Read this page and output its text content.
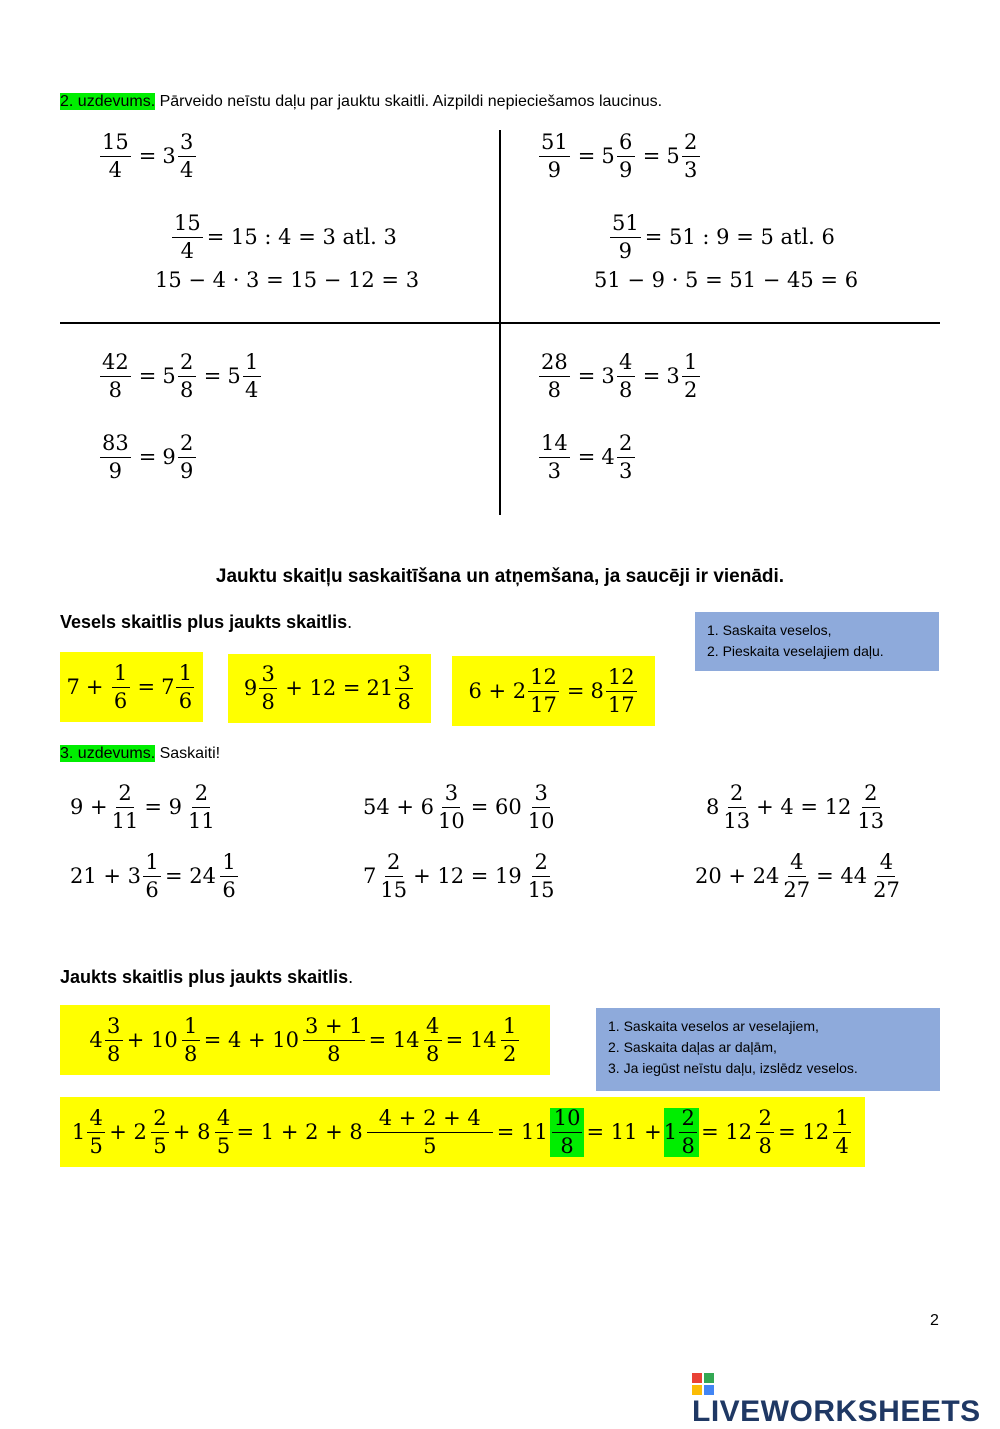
2. uzdevums. Pārveido neīstu daļu par jauktu skaitli. Aizpildi nepieciešamos laucinus.
$\frac{15}{4} = 3 \frac{3}{4}$
$\frac{15}{4} = 15$ : 4 = 3 atl. 3
15 − 4 · 3 = 15 − 12 = 3
$\frac{51}{9} = 5 \frac{6}{9} = 5 \frac{2}{3}$
$\frac{51}{9} = 51$ : 9 = 5 atl. 6
51 − 9 · 5 = 51 − 45 = 6
$\frac{42}{8} = 5 \frac{2}{8} = 5 \frac{1}{4}$
$\frac{83}{9} = 9 \frac{2}{9}$
$\frac{28}{8} = 3 \frac{4}{8} = 3 \frac{1}{2}$
$\frac{14}{3} = 4 \frac{2}{3}$
Jauktu skaitļu saskaitīšana un atņemšana, ja saucēji ir vienādi.
Vesels skaitlis plus jaukts skaitlis.	1. Saskaita veselos,
2. Pieskaita veselajiem daļu.
$7 + \frac{1}{6} = 7 \frac{1}{6} 9 \frac{3}{8} + 12 = 21 \frac{3}{8}$	$6 + 2 \frac{12}{17} = 8 \frac{12}{17}$
3. uzdevums. Saskaiti!
$9 + \frac{2}{11} = 9 \frac{2}{11}$	$54 + 6 \frac{3}{10} = 60 \frac{3}{10}$	$8 \frac{2}{13} + 4 = 12 \frac{2}{13}$
$21 + 3 \frac{1}{6} = 24 \frac{1}{6}$	$7 \frac{2}{15} + 12 = 19 \frac{2}{15}$	$20 + 24 \frac{4}{27} = 44 \frac{4}{27}$
Jaukts skaitlis plus jaukts skaitlis.
$4 \frac{3}{8} + 10 \frac{1}{8} = 4 + 10 \frac{3 + 1}{8} = 14 \frac{4}{8} = 14 \frac{1}{2}$	1. Saskaita veselos ar veselajiem,
2. Saskaita daļas ar daļām,
3. Ja iegūst neīstu daļu, izslēdz veselos.
$1 \frac{4}{5} + 2 \frac{2}{5} + 8 \frac{4}{5} = 1 + 2 + 8 \frac{4 + 2 + 4}{5} = 11 \frac{10}{8} = 11 + 1 \frac{2}{8} = 12 \frac{2}{8} = 12 \frac{1}{4}$
2
LIVEWORKSHEETS
